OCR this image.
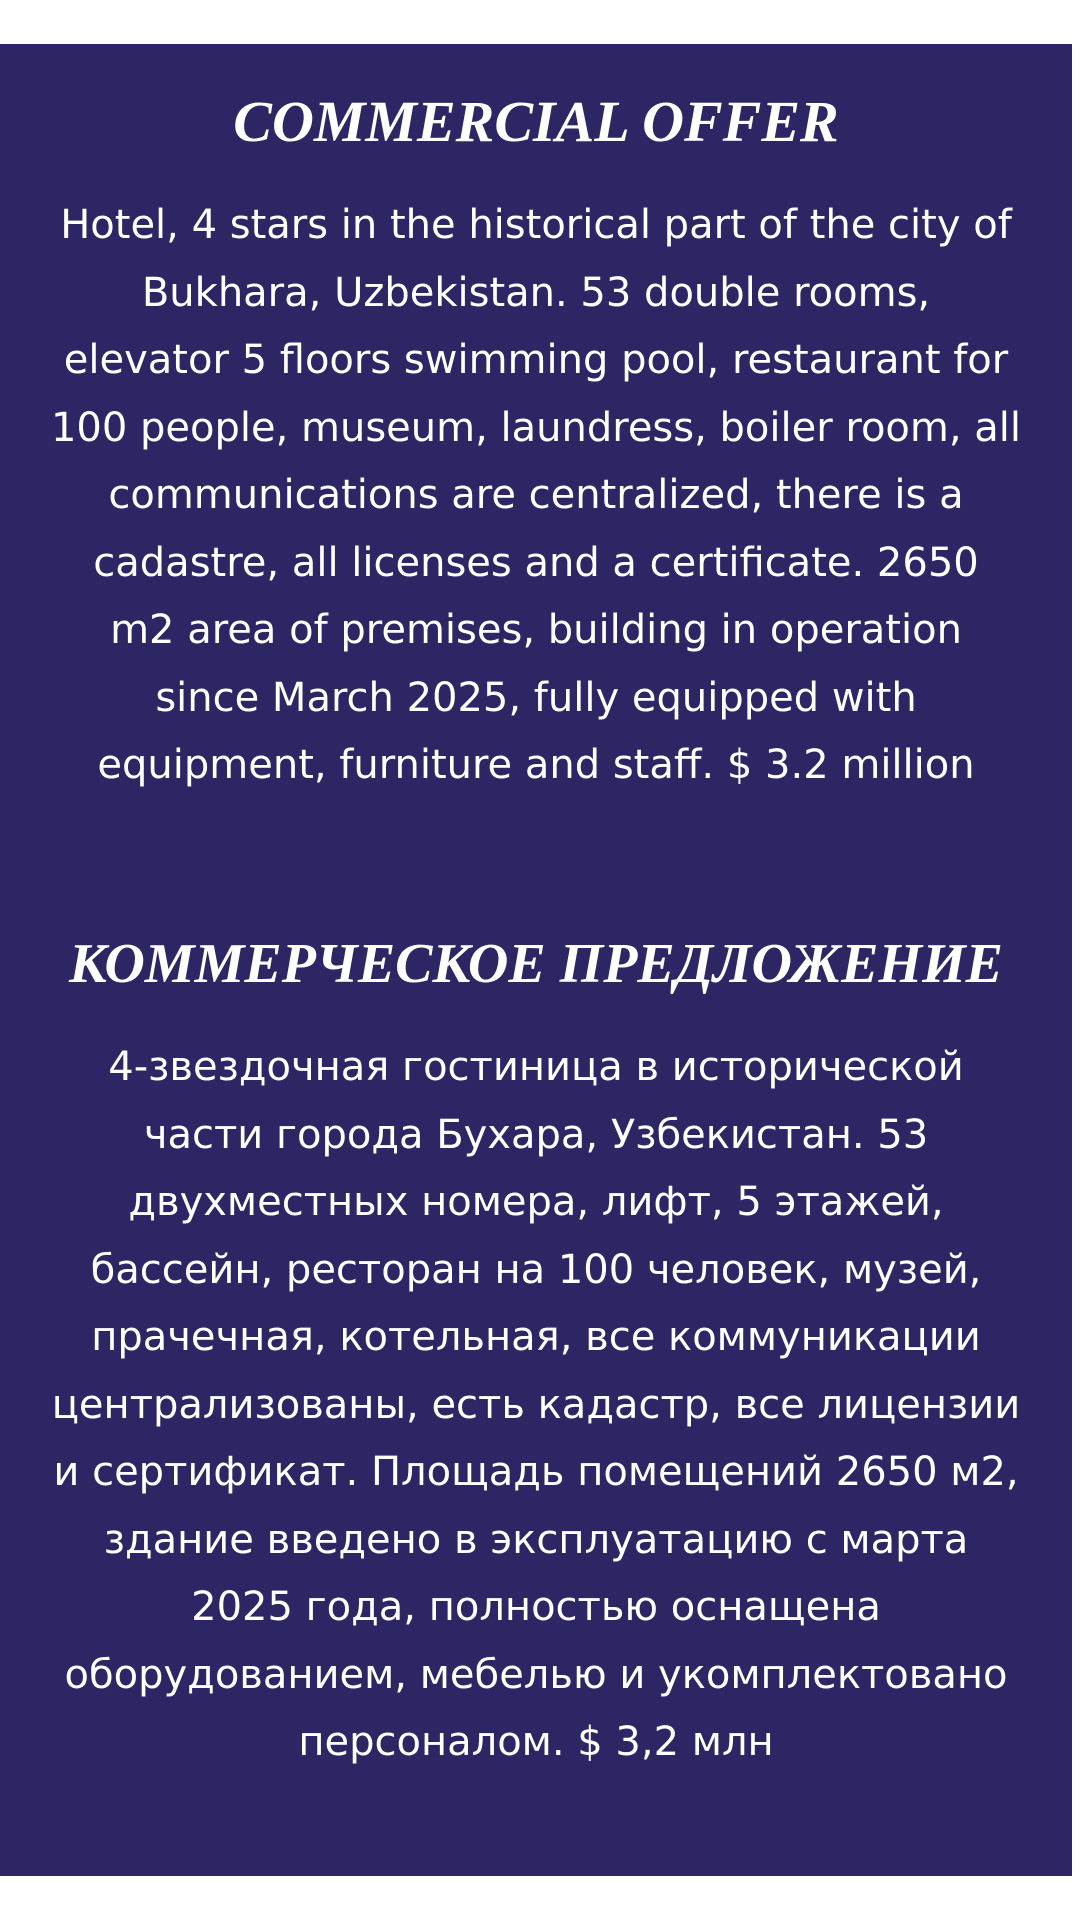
COMMERCIAL OFFER

Hotel, 4 stars in the historical part of the city of
Bukhara, Uzbekistan. 53 double rooms,
elevator 5 floors swimming pool, restaurant for
100 people, museum, laundress, boiler room, all
communications are centralized, there is a
cadastre, all licenses and a certificate. 2650
m2 area of premises, building in operation
since March 2025, fully equipped with
equipment, furniture and staff. $ 3.2 million

КОММЕРЧЕСКОЕ ПРЕДЛОЖЕНИЕ

4-звездочная гостиница в исторической
части города Бухара, Узбекистан. 53
двухместных номера, лифт, 5 этажей,
бассейн, ресторан на 100 человек, музей,
прачечная, котельная, все коммуникации
централизованы, есть кадастр, все лицензии
и сертификат. Площадь помещений 2650 м2,
здание введено в эксплуатацию с марта
2025 года, полностью оснащена
оборудованием, мебелью и укомплектовано
персоналом. $ 3,2 млн
